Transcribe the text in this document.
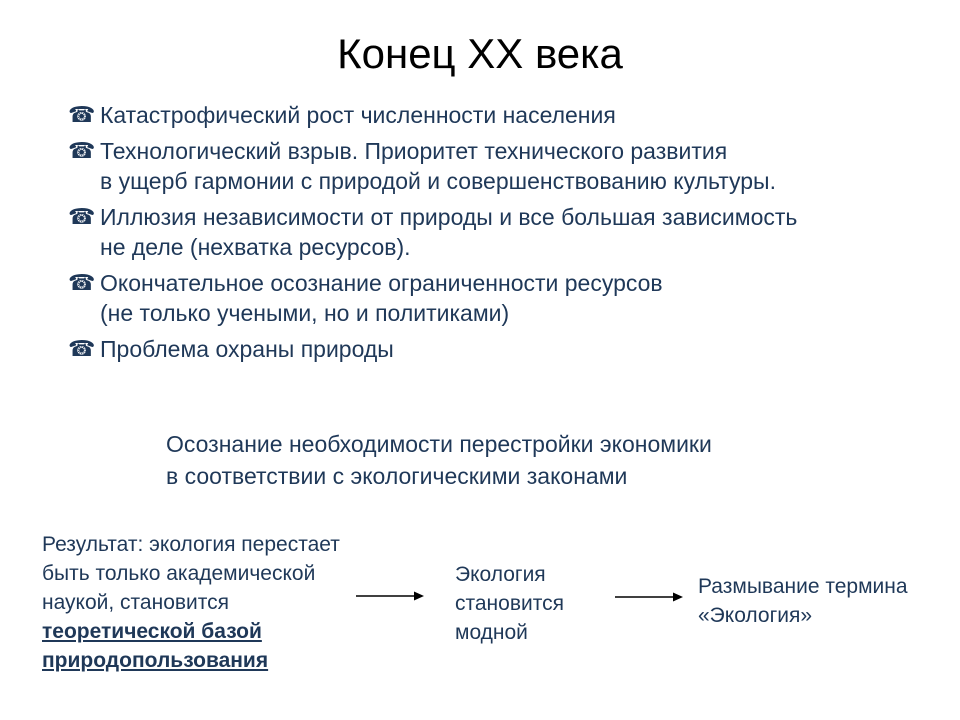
Конец XX века
☎ Катастрофический рост численности населения
☎ Технологический взрыв. Приоритет технического развития
в ущерб гармонии с природой и совершенствованию культуры.
☎ Иллюзия независимости от природы и все большая зависимость
не деле (нехватка ресурсов).
☎ Окончательное осознание ограниченности ресурсов
(не только учеными, но и политиками)
☎ Проблема охраны природы
Осознание необходимости перестройки экономики
в соответствии с экологическими законами
Результат: экология перестает
быть только академической
наукой, становится
теоретической базой
природопользования
Экология
становится
модной
Размывание термина
«Экология»
